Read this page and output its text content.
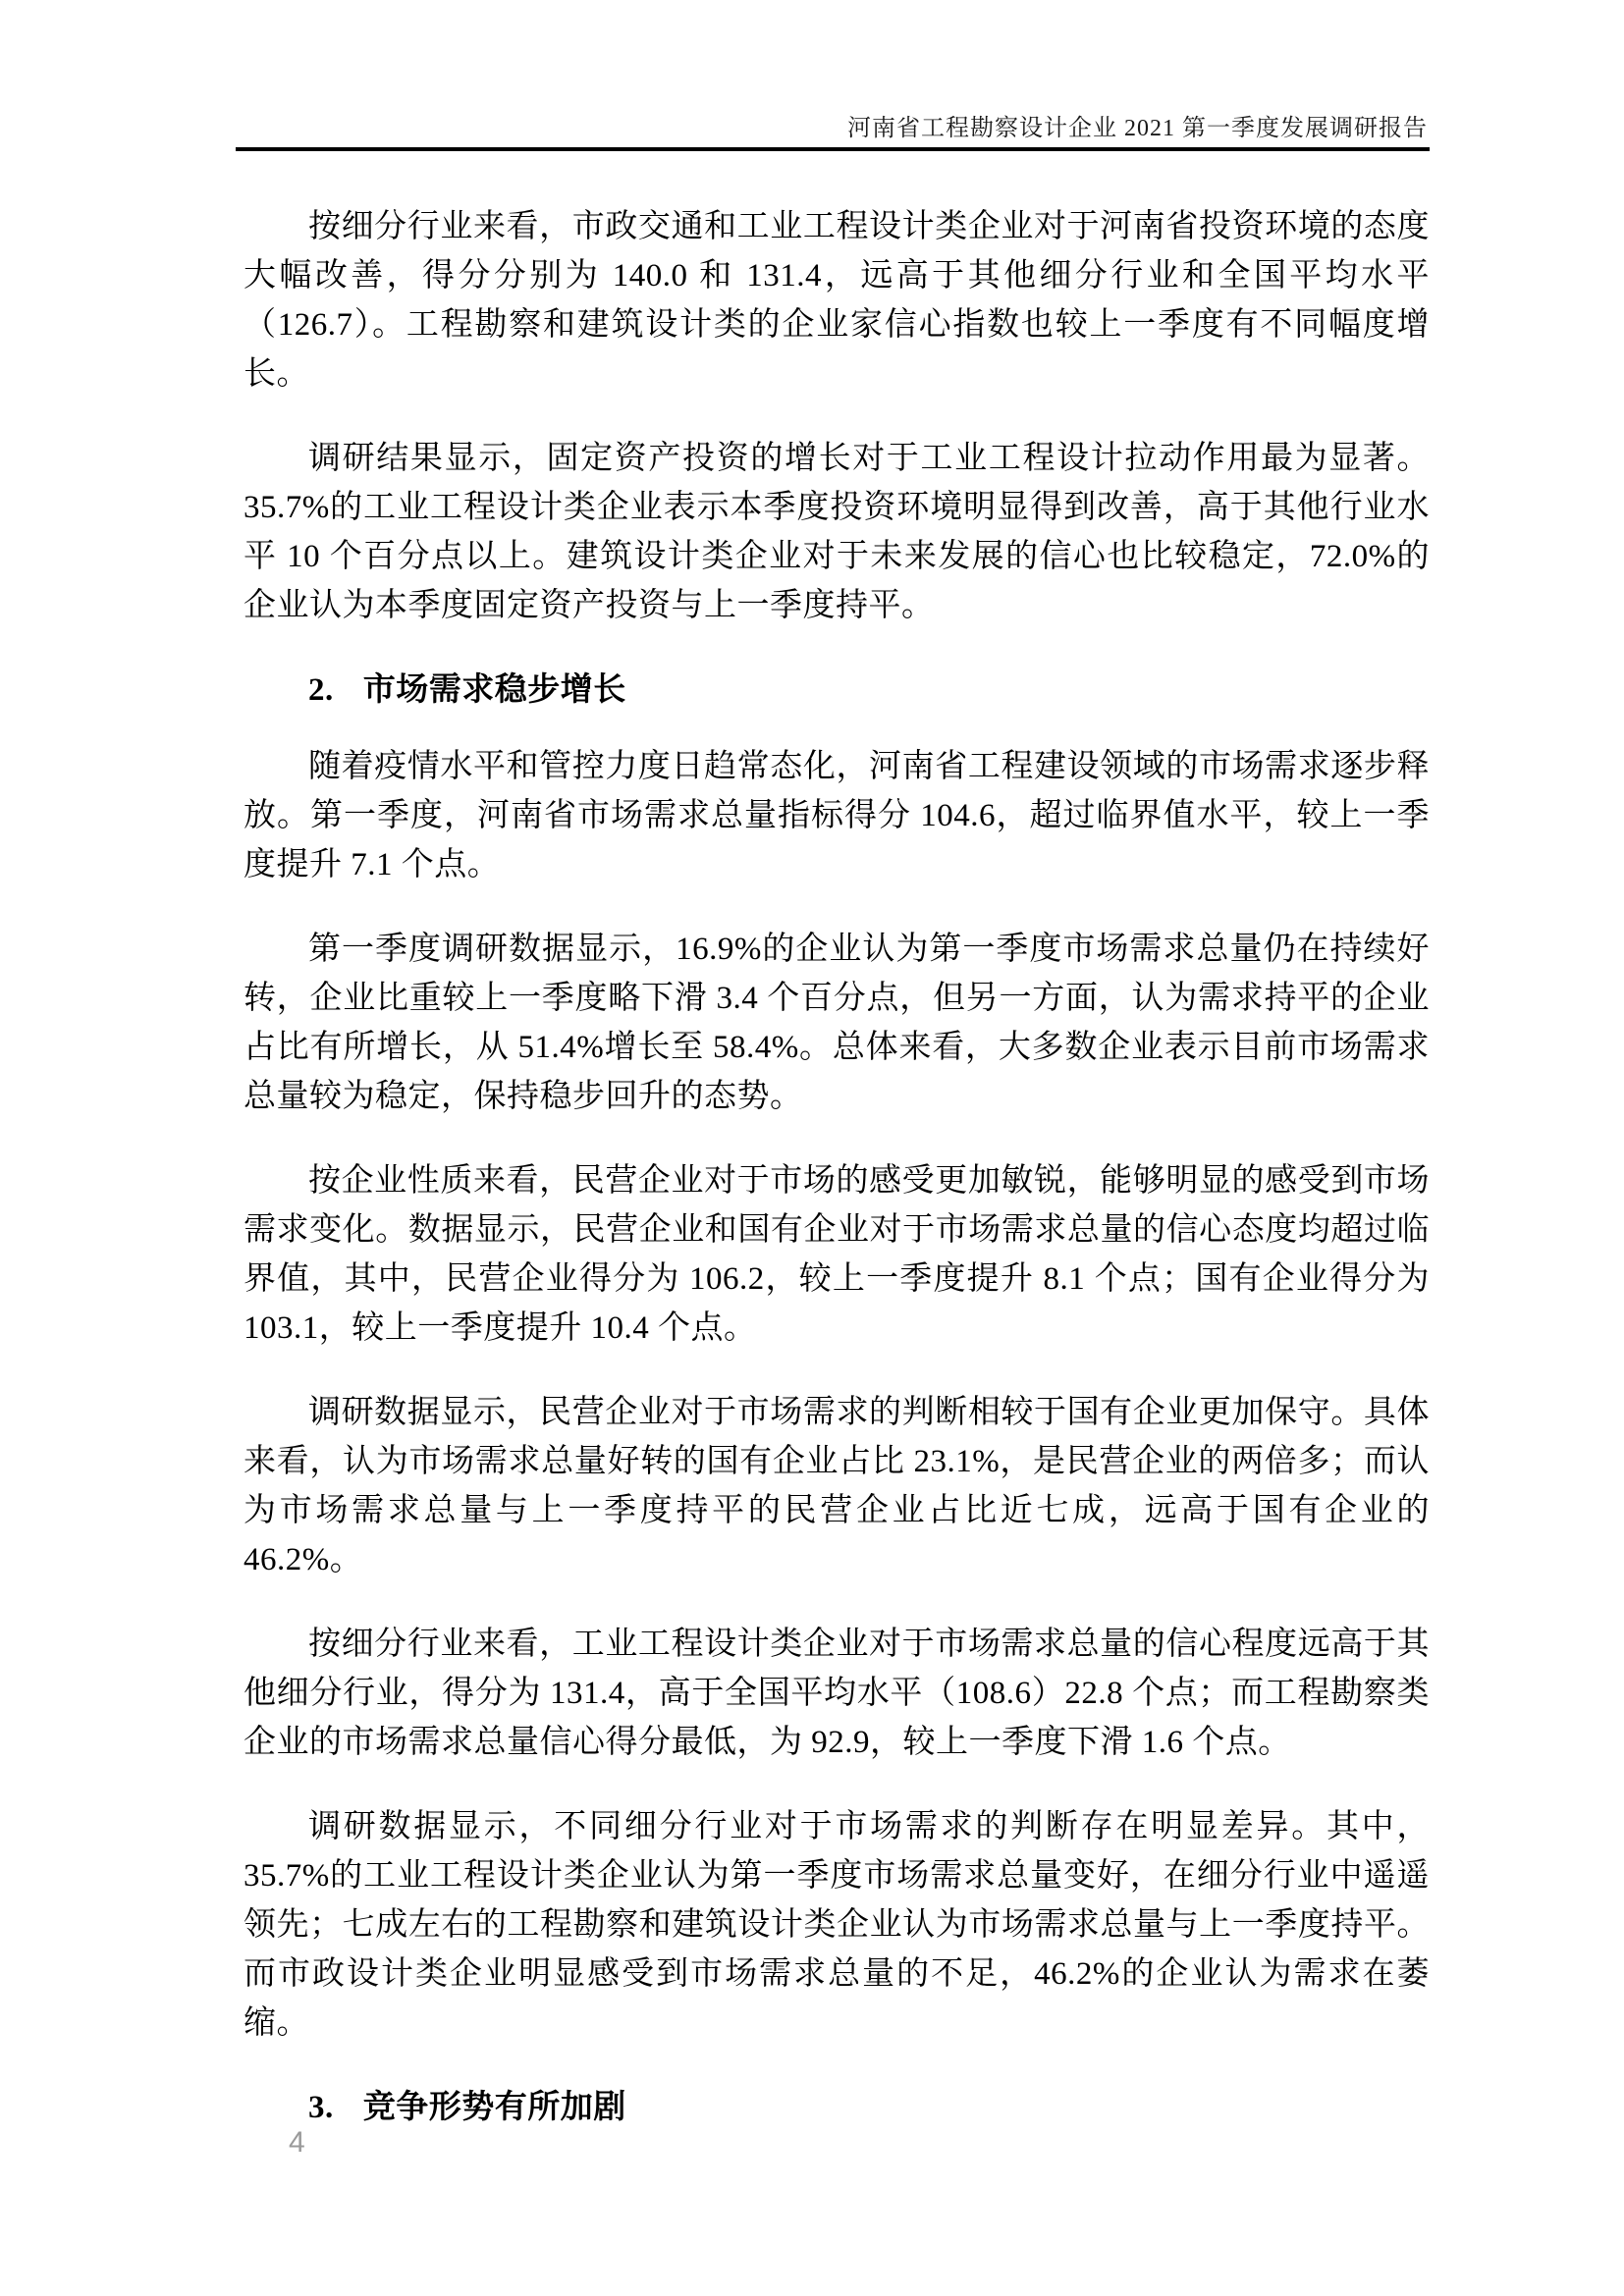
河南省工程勘察设计企业 2021 第一季度发展调研报告

按细分行业来看，市政交通和工业工程设计类企业对于河南省投资环境的态度大幅改善，得分分别为 140.0 和 131.4，远高于其他细分行业和全国平均水平（126.7）。工程勘察和建筑设计类的企业家信心指数也较上一季度有不同幅度增长。

调研结果显示，固定资产投资的增长对于工业工程设计拉动作用最为显著。35.7%的工业工程设计类企业表示本季度投资环境明显得到改善，高于其他行业水平 10 个百分点以上。建筑设计类企业对于未来发展的信心也比较稳定，72.0%的企业认为本季度固定资产投资与上一季度持平。

2. 市场需求稳步增长

随着疫情水平和管控力度日趋常态化，河南省工程建设领域的市场需求逐步释放。第一季度，河南省市场需求总量指标得分 104.6，超过临界值水平，较上一季度提升 7.1 个点。

第一季度调研数据显示，16.9%的企业认为第一季度市场需求总量仍在持续好转，企业比重较上一季度略下滑 3.4 个百分点，但另一方面，认为需求持平的企业占比有所增长，从 51.4%增长至 58.4%。总体来看，大多数企业表示目前市场需求总量较为稳定，保持稳步回升的态势。

按企业性质来看，民营企业对于市场的感受更加敏锐，能够明显的感受到市场需求变化。数据显示，民营企业和国有企业对于市场需求总量的信心态度均超过临界值，其中，民营企业得分为 106.2，较上一季度提升 8.1 个点；国有企业得分为 103.1，较上一季度提升 10.4 个点。

调研数据显示，民营企业对于市场需求的判断相较于国有企业更加保守。具体来看，认为市场需求总量好转的国有企业占比 23.1%，是民营企业的两倍多；而认为市场需求总量与上一季度持平的民营企业占比近七成，远高于国有企业的46.2%。

按细分行业来看，工业工程设计类企业对于市场需求总量的信心程度远高于其他细分行业，得分为 131.4，高于全国平均水平（108.6）22.8 个点；而工程勘察类企业的市场需求总量信心得分最低，为 92.9，较上一季度下滑 1.6 个点。

调研数据显示，不同细分行业对于市场需求的判断存在明显差异。其中，35.7%的工业工程设计类企业认为第一季度市场需求总量变好，在细分行业中遥遥领先；七成左右的工程勘察和建筑设计类企业认为市场需求总量与上一季度持平。而市政设计类企业明显感受到市场需求总量的不足，46.2%的企业认为需求在萎缩。

3. 竞争形势有所加剧
4
